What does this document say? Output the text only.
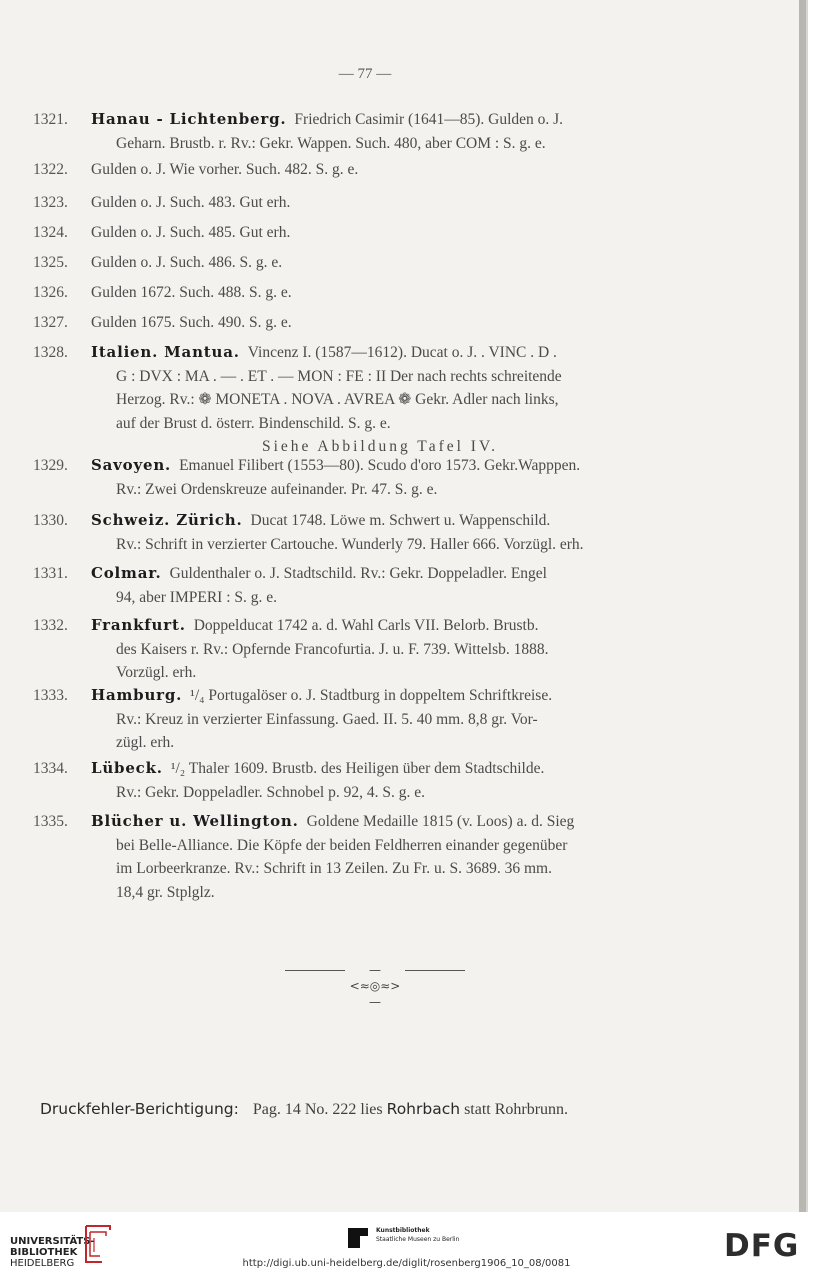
— 77 —
1321.	Hanau - Lichtenberg. Friedrich Casimir (1641—85). Gulden o. J.
Geharn. Brustb. r. Rv.: Gekr. Wappen. Such. 480, aber COM : S. g. e.
1322.	Gulden o. J. Wie vorher. Such. 482. S. g. e.
1323.	Gulden o. J. Such. 483. Gut erh.
1324.	Gulden o. J. Such. 485. Gut erh.
1325.	Gulden o. J. Such. 486. S. g. e.
1326.	Gulden 1672. Such. 488. S. g. e.
1327.	Gulden 1675. Such. 490. S. g. e.
1328.	Italien. Mantua. Vincenz I. (1587—1612). Ducat o. J. . VINC . D .
G : DVX : MA . — . ET . — MON : FE : II Der nach rechts schreitende
Herzog. Rv.: ❁ MONETA . NOVA . AVREA ❁ Gekr. Adler nach links,
auf der Brust d. österr. Bindenschild. S. g. e.
Siehe Abbildung Tafel IV.
1329.	Savoyen. Emanuel Filibert (1553—80). Scudo d'oro 1573. Gekr.Wapppen.
Rv.: Zwei Ordenskreuze aufeinander. Pr. 47. S. g. e.
1330.	Schweiz. Zürich. Ducat 1748. Löwe m. Schwert u. Wappenschild.
Rv.: Schrift in verzierter Cartouche. Wunderly 79. Haller 666. Vorzügl. erh.
1331.	Colmar. Guldenthaler o. J. Stadtschild. Rv.: Gekr. Doppeladler. Engel
94, aber IMPERI : S. g. e.
1332.	Frankfurt. Doppelducat 1742 a. d. Wahl Carls VII. Belorb. Brustb.
des Kaisers r. Rv.: Opfernde Francofurtia. J. u. F. 739. Wittelsb. 1888.
Vorzügl. erh.
1333.	Hamburg. ¹/₄ Portugalöser o. J. Stadtburg in doppeltem Schriftkreise.
Rv.: Kreuz in verzierter Einfassung. Gaed. II. 5. 40 mm. 8,8 gr. Vor-
zügl. erh.
1334.	Lübeck. ¹/₂ Thaler 1609. Brustb. des Heiligen über dem Stadtschilde.
Rv.: Gekr. Doppeladler. Schnobel p. 92, 4. S. g. e.
1335.	Blücher u. Wellington. Goldene Medaille 1815 (v. Loos) a. d. Sieg
bei Belle-Alliance. Die Köpfe der beiden Feldherren einander gegenüber
im Lorbeerkranze. Rv.: Schrift in 13 Zeilen. Zu Fr. u. S. 3689. 36 mm.
18,4 gr. Stplglz.
—<≈◎≈>—
Druckfehler-Berichtigung: Pag. 14 No. 222 lies Rohrbach statt Rohrbrunn.
UNIVERSITÄTS-
BIBLIOTHEK
HEIDELBERG
Kunstbibliothek
Staatliche Museen zu Berlin	DFG
http://digi.ub.uni-heidelberg.de/diglit/rosenberg1906_10_08/0081
